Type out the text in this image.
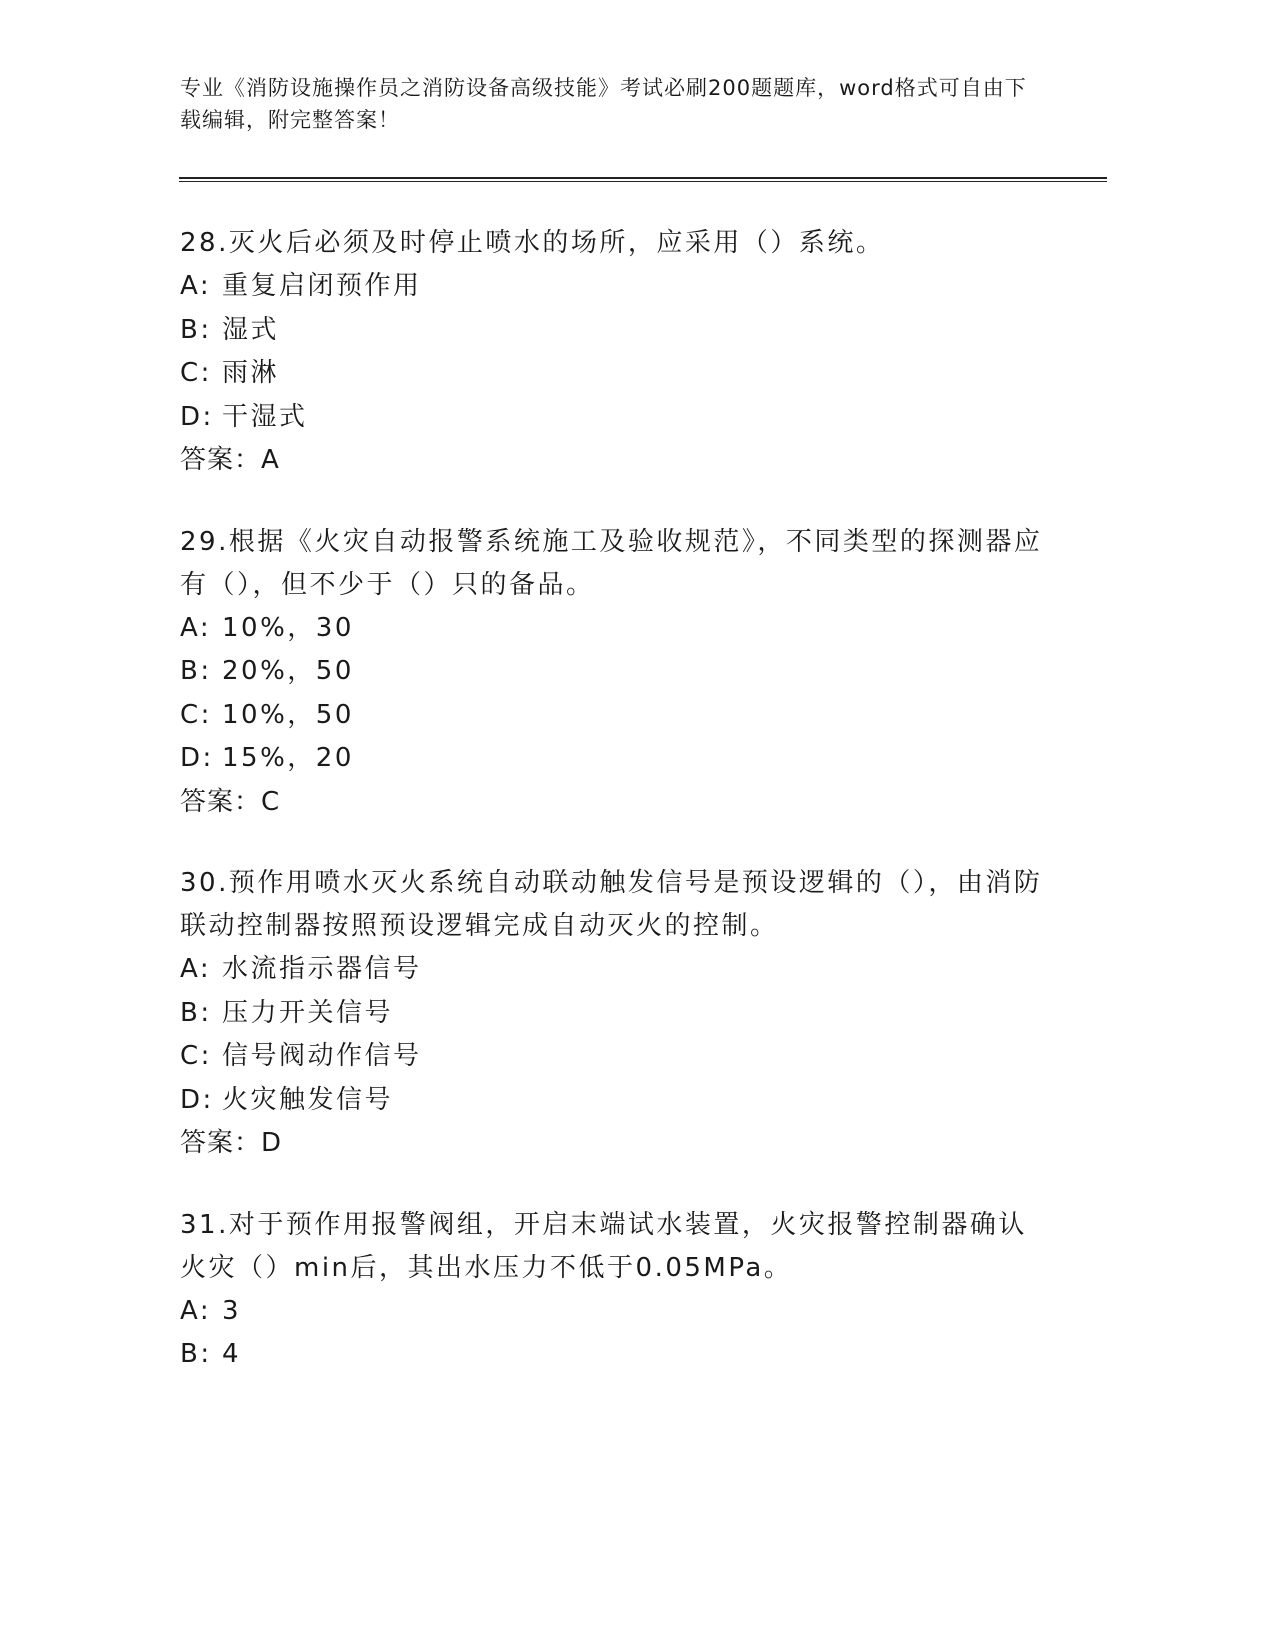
专业《消防设施操作员之消防设备高级技能》考试必刷200题题库，word格式可自由下载编辑，附完整答案！

28.灭火后必须及时停止喷水的场所，应采用（）系统。

A: 重复启闭预作用
B: 湿式
C: 雨淋
D: 干湿式
答案：A

29.根据《火灾自动报警系统施工及验收规范》，不同类型的探测器应有（），但不少于（）只的备品。

A: 10%，30
B: 20%，50
C: 10%，50
D: 15%，20
答案：C

30.预作用喷水灭火系统自动联动触发信号是预设逻辑的（），由消防联动控制器按照预设逻辑完成自动灭火的控制。

A: 水流指示器信号
B: 压力开关信号
C: 信号阀动作信号
D: 火灾触发信号
答案：D

31.对于预作用报警阀组，开启末端试水装置，火灾报警控制器确认火灾（）min后，其出水压力不低于0.05MPa。

A: 3
B: 4
